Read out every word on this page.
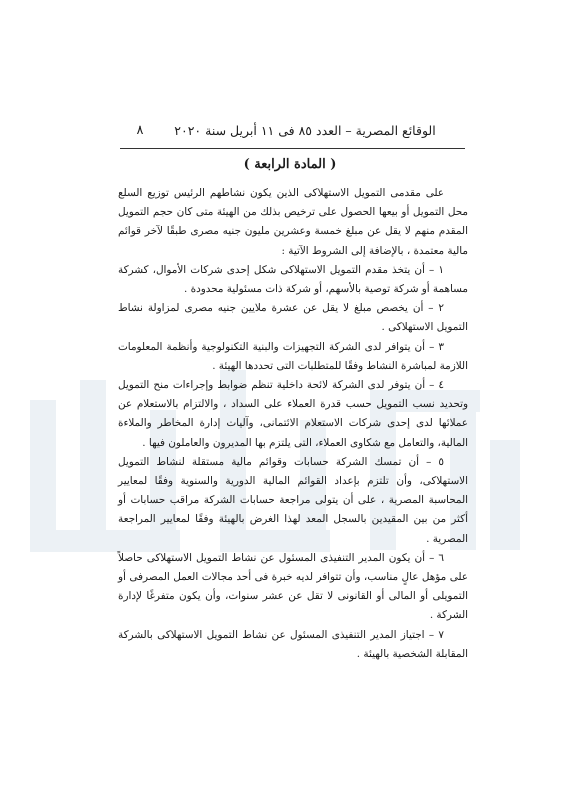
٨	الوقائع المصرية – العدد ٨٥ فى ١١ أبريل سنة ٢٠٢٠
( المادة الرابعة )

على مقدمى التمويل الاستهلاكى الذين يكون نشاطهم الرئيس توزيع السلع محل التمويل أو بيعها الحصول على ترخيص بذلك من الهيئة متى كان حجم التمويل المقدم منهم لا يقل عن مبلغ خمسة وعشرين مليون جنيه مصرى طبقًا لآخر قوائم مالية معتمدة ، بالإضافة إلى الشروط الآتية :

١ – أن يتخذ مقدم التمويل الاستهلاكى شكل إحدى شركات الأموال، كشركة مساهمة أو شركة توصية بالأسهم، أو شركة ذات مسئولية محدودة .

٢ – أن يخصص مبلغ لا يقل عن عشرة ملايين جنيه مصرى لمزاولة نشاط التمويل الاستهلاكى .

٣ – أن يتوافر لدى الشركة التجهيزات والبنية التكنولوجية وأنظمة المعلومات اللازمة لمباشرة النشاط وفقًا للمتطلبات التى تحددها الهيئة .

٤ – أن يتوفر لدى الشركة لائحة داخلية تنظم ضوابط وإجراءات منح التمويل وتحديد نسب التمويل حسب قدرة العملاء على السداد ، والالتزام بالاستعلام عن عملائها لدى إحدى شركات الاستعلام الائتمانى، وآليات إدارة المخاطر والملاءة المالية، والتعامل مع شكاوى العملاء، التى يلتزم بها المديرون والعاملون فيها .

٥ – أن تمسك الشركة حسابات وقوائم مالية مستقلة لنشاط التمويل الاستهلاكى، وأن تلتزم بإعداد القوائم المالية الدورية والسنوية وفقًا لمعايير المحاسبة المصرية ، على أن يتولى مراجعة حسابات الشركة مراقب حسابات أو أكثر من بين المقيدين بالسجل المعد لهذا الغرض بالهيئة وفقًا لمعايير المراجعة المصرية .

٦ – أن يكون المدير التنفيذى المسئول عن نشاط التمويل الاستهلاكى حاصلاً على مؤهل عالٍ مناسب، وأن تتوافر لديه خبرة فى أحد مجالات العمل المصرفى أو التمويلى أو المالى أو القانونى لا تقل عن عشر سنوات، وأن يكون متفرغًا لإدارة الشركة .

٧ – اجتياز المدير التنفيذى المسئول عن نشاط التمويل الاستهلاكى بالشركة المقابلة الشخصية بالهيئة .
